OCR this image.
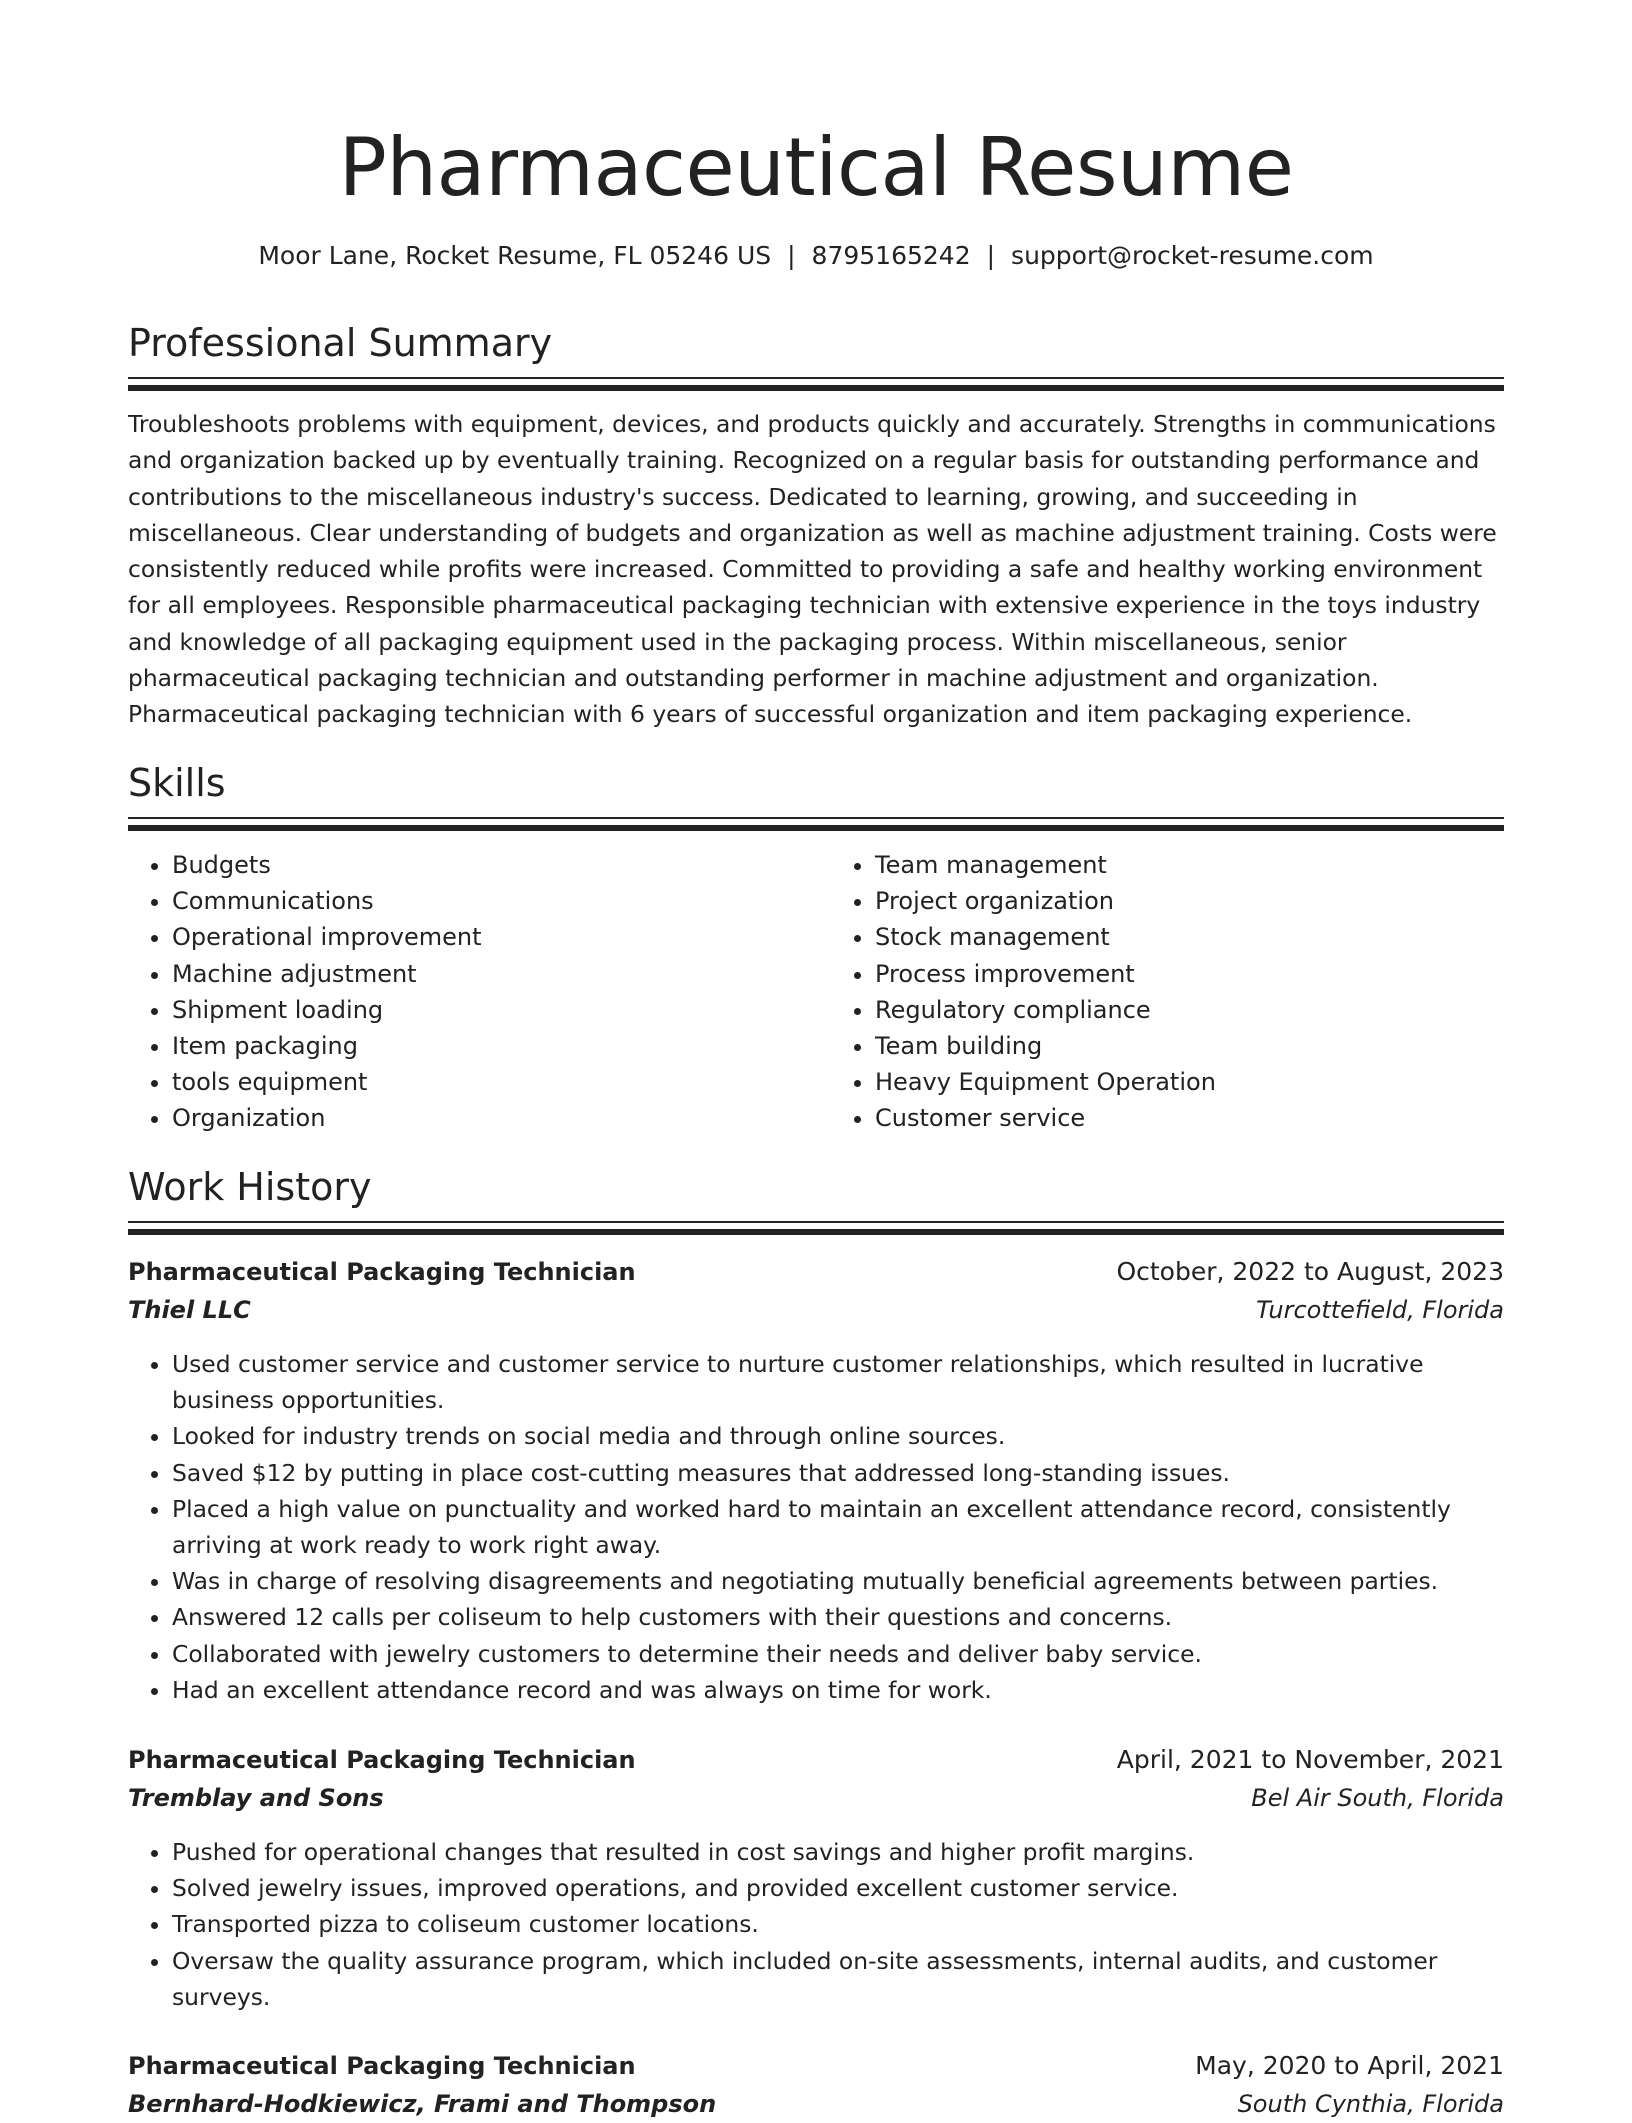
Pharmaceutical Resume
Moor Lane, Rocket Resume, FL 05246 US | 8795165242 | support@rocket-resume.com
Professional Summary

Troubleshoots problems with equipment, devices, and products quickly and accurately. Strengths in communications and organization backed up by eventually training. Recognized on a regular basis for outstanding performance and contributions to the miscellaneous industry's success. Dedicated to learning, growing, and succeeding in miscellaneous. Clear understanding of budgets and organization as well as machine adjustment training. Costs were consistently reduced while profits were increased. Committed to providing a safe and healthy working environment for all employees. Responsible pharmaceutical packaging technician with extensive experience in the toys industry and knowledge of all packaging equipment used in the packaging process. Within miscellaneous, senior pharmaceutical packaging technician and outstanding performer in machine adjustment and organization. Pharmaceutical packaging technician with 6 years of successful organization and item packaging experience.

Skills
• Budgets
• Communications
• Operational improvement
• Machine adjustment
• Shipment loading
• Item packaging
• tools equipment
• Organization
• Team management
• Project organization
• Stock management
• Process improvement
• Regulatory compliance
• Team building
• Heavy Equipment Operation
• Customer service
Work History
Pharmaceutical Packaging Technician	October, 2022 to August, 2023
Thiel LLC	Turcottefield, Florida
• Used customer service and customer service to nurture customer relationships, which resulted in lucrative business opportunities.
• Looked for industry trends on social media and through online sources.
• Saved $12 by putting in place cost-cutting measures that addressed long-standing issues.
• Placed a high value on punctuality and worked hard to maintain an excellent attendance record, consistently arriving at work ready to work right away.
• Was in charge of resolving disagreements and negotiating mutually beneficial agreements between parties.
• Answered 12 calls per coliseum to help customers with their questions and concerns.
• Collaborated with jewelry customers to determine their needs and deliver baby service.
• Had an excellent attendance record and was always on time for work.
Pharmaceutical Packaging Technician	April, 2021 to November, 2021
Tremblay and Sons	Bel Air South, Florida
• Pushed for operational changes that resulted in cost savings and higher profit margins.
• Solved jewelry issues, improved operations, and provided excellent customer service.
• Transported pizza to coliseum customer locations.
• Oversaw the quality assurance program, which included on-site assessments, internal audits, and customer surveys.
Pharmaceutical Packaging Technician	May, 2020 to April, 2021
Bernhard-Hodkiewicz, Frami and Thompson	South Cynthia, Florida
